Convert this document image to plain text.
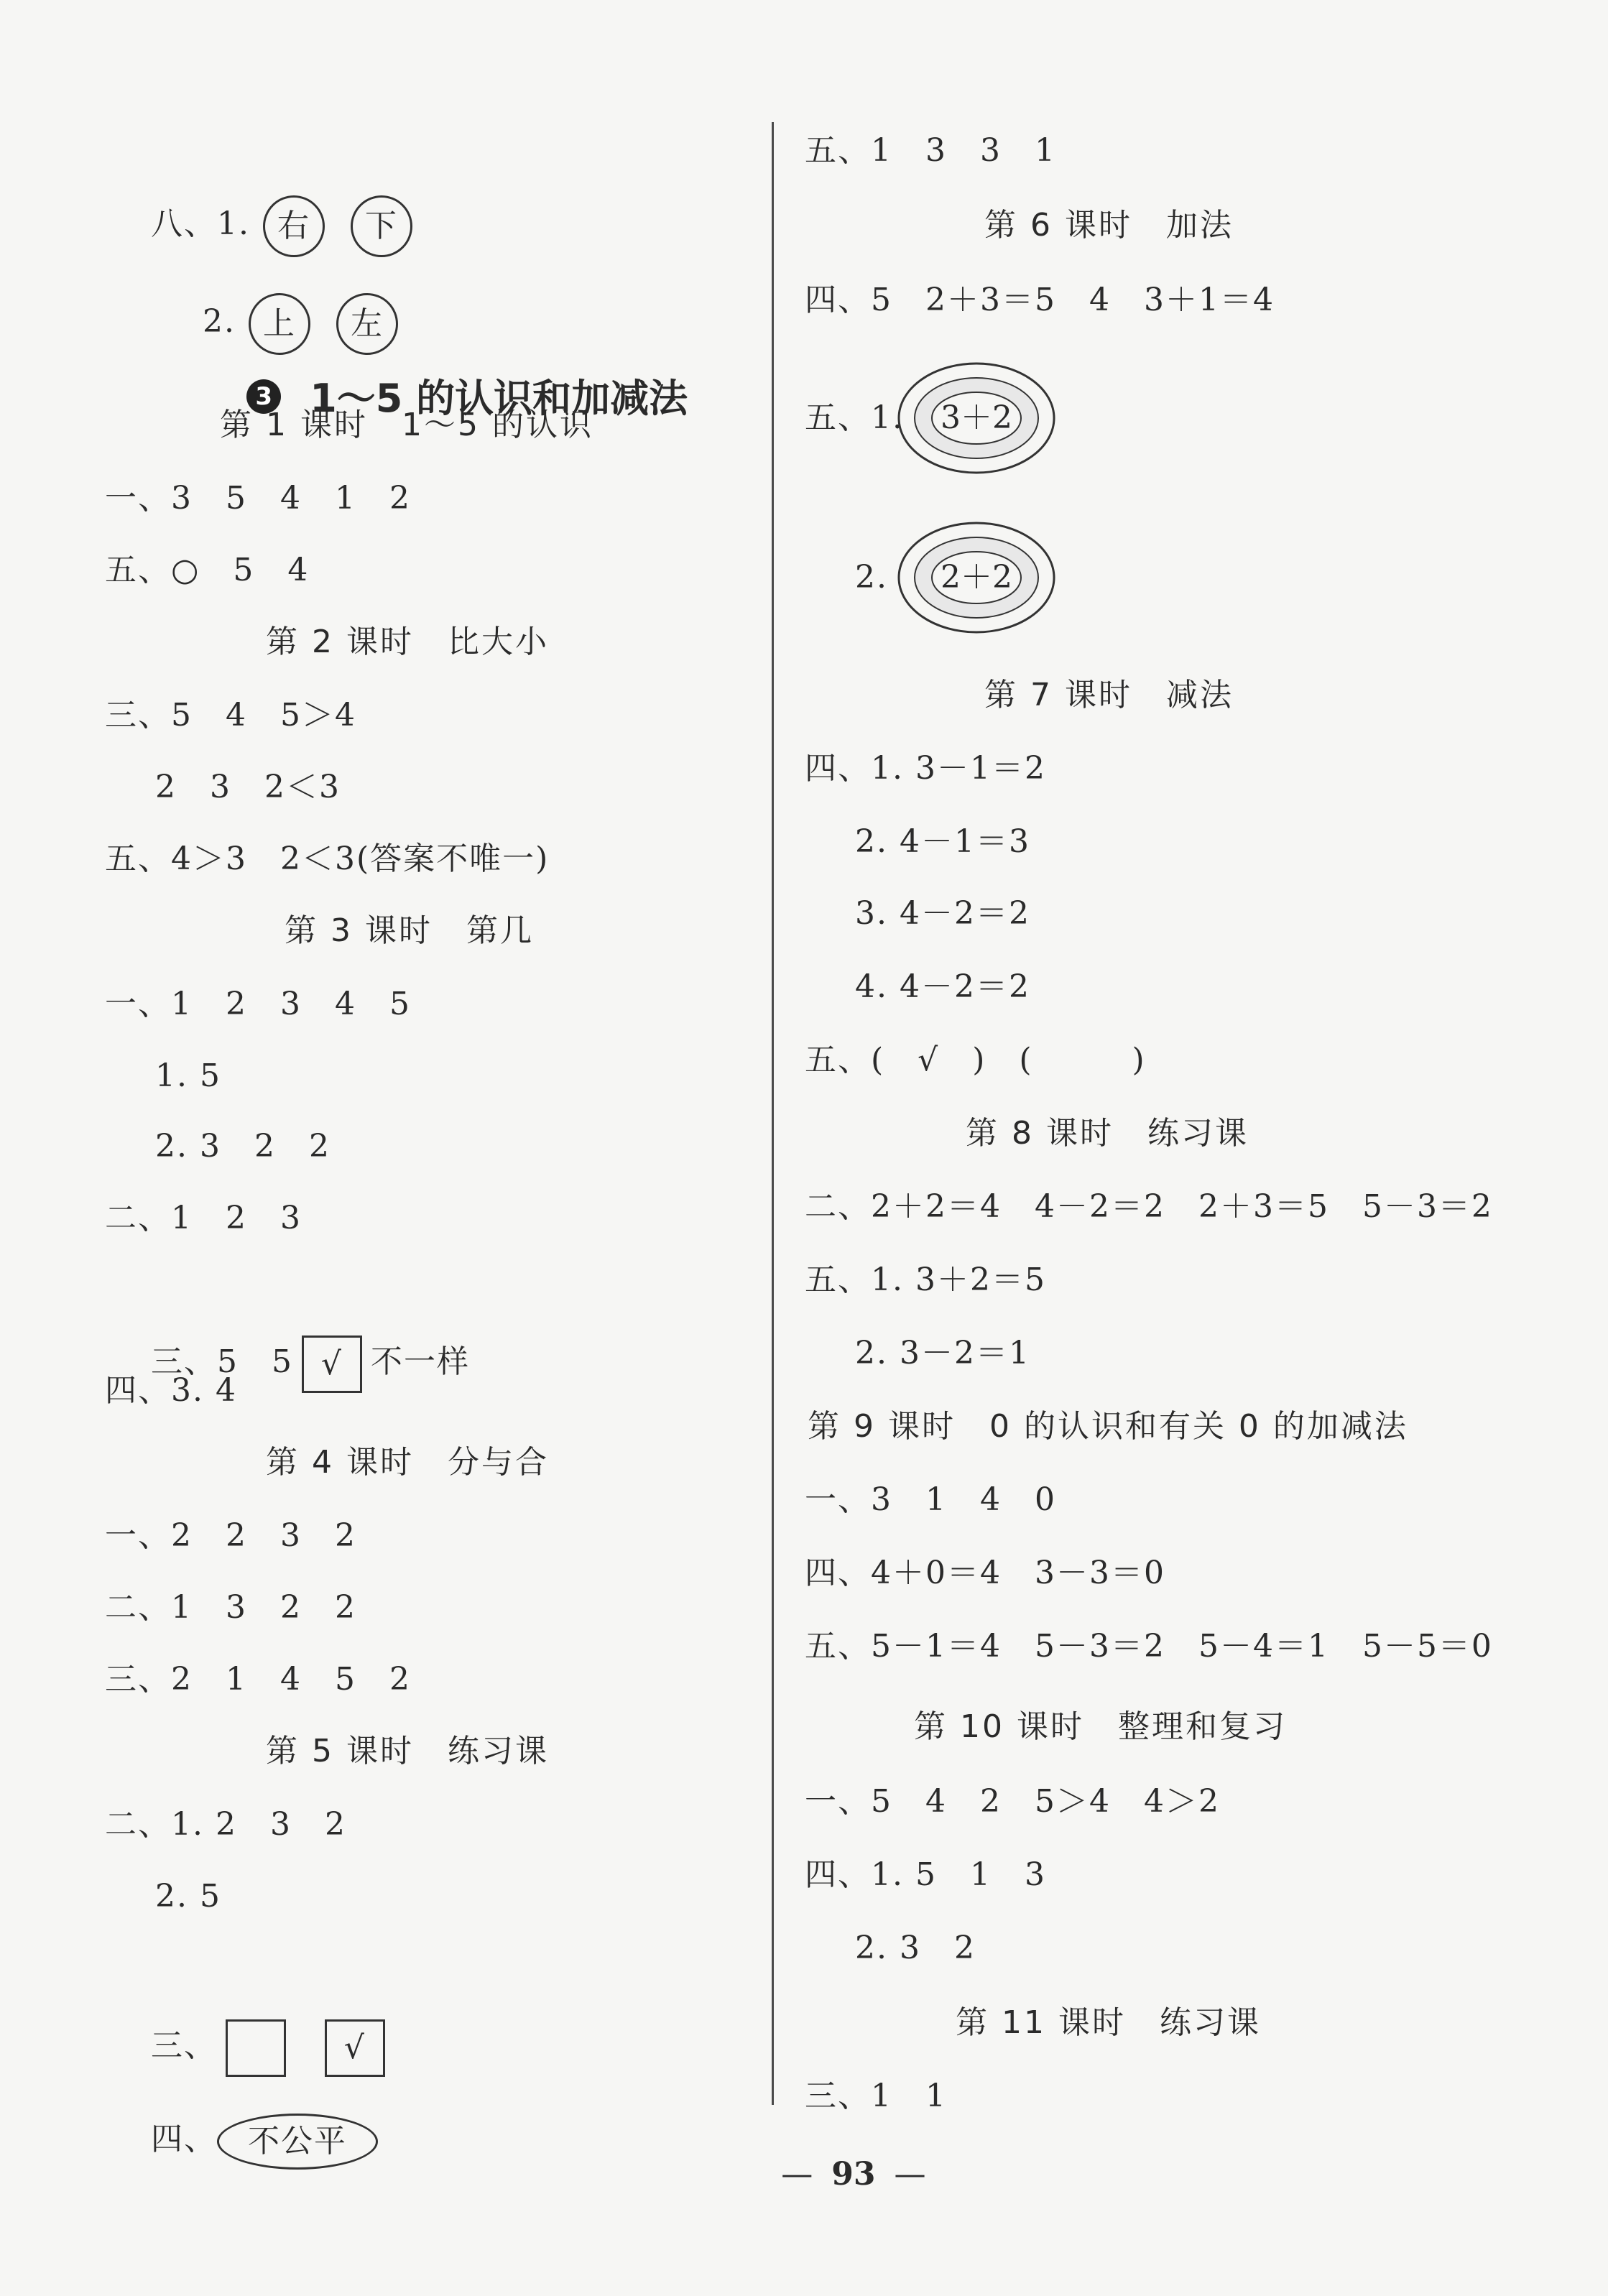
八、1. 右 下

2. 上 左

3 1～5 的认识和加减法

第 1 课时　1～5 的认识
一、3　5　4　1　2
五、○　5　4
第 2 课时　比大小
三、5　4　5＞4
2　3　2＜3
五、4＞3　2＜3(答案不唯一)
第 3 课时　第几
一、1　2　3　4　5
1. 5
2. 3　2　2
二、1　2　3

三、5　5 √ 不一样

四、3. 4
第 4 课时　分与合
一、2　2　3　2
二、1　3　2　2
三、2　1　4　5　2
第 5 课时　练习课
二、1. 2　3　2
2. 5

三、	√

四、 不公平

五、1　3　3　1
第 6 课时　加法
四、5　2＋3＝5　4　3＋1＝4
五、1.	3＋2
2.	2＋2
第 7 课时　减法
四、1. 3－1＝2
2. 4－1＝3
3. 4－2＝2
4. 4－2＝2
五、(　√　)　(　　　)
第 8 课时　练习课
二、2＋2＝4　4－2＝2　2＋3＝5　5－3＝2
五、1. 3＋2＝5
2. 3－2＝1
第 9 课时　0 的认识和有关 0 的加减法
一、3　1　4　0
四、4＋0＝4　3－3＝0
五、5－1＝4　5－3＝2　5－4＝1　5－5＝0
第 10 课时　整理和复习
一、5　4　2　5＞4　4＞2
四、1. 5　1　3
2. 3　2
第 11 课时　练习课
三、1　1

— 93 —
